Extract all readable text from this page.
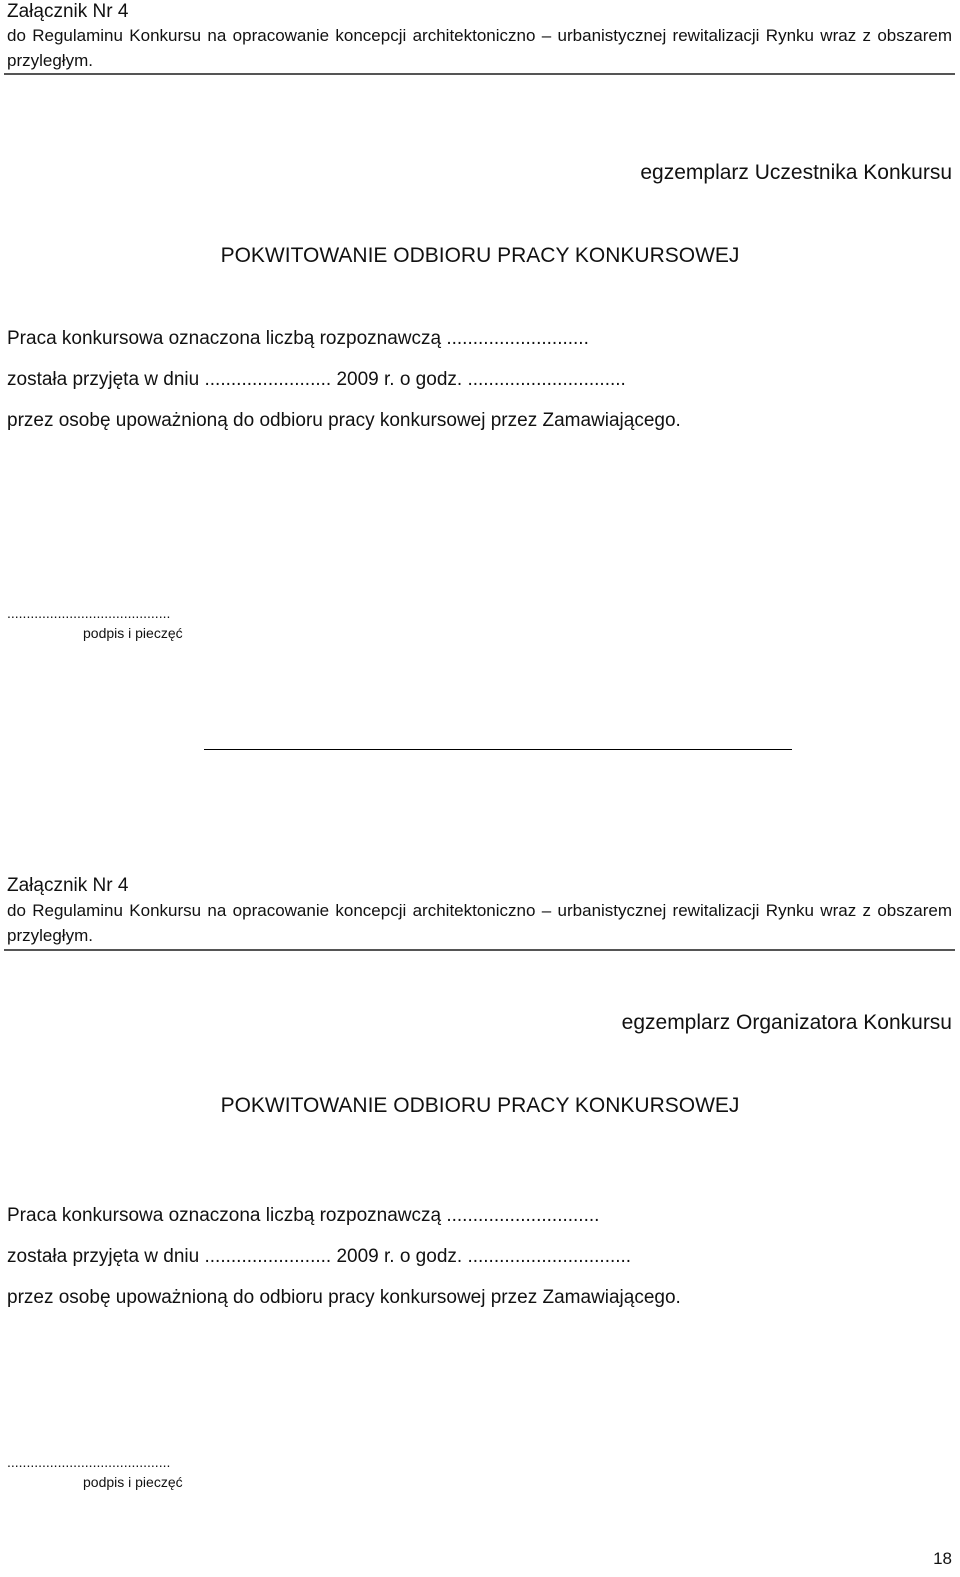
Załącznik Nr 4
do Regulaminu Konkursu na opracowanie koncepcji architektoniczno – urbanistycznej rewitalizacji Rynku wraz z obszarem przyległym.
egzemplarz Uczestnika Konkursu
POKWITOWANIE ODBIORU PRACY KONKURSOWEJ
Praca konkursowa oznaczona liczbą rozpoznawczą ...........................
została przyjęta w dniu ........................ 2009 r. o godz. ..............................
przez osobę upoważnioną do odbioru pracy konkursowej przez Zamawiającego.
..........................................
podpis i pieczęć
Załącznik Nr 4
do Regulaminu Konkursu na opracowanie koncepcji architektoniczno – urbanistycznej rewitalizacji Rynku wraz z obszarem przyległym.
egzemplarz Organizatora Konkursu
POKWITOWANIE ODBIORU PRACY KONKURSOWEJ
Praca konkursowa oznaczona liczbą rozpoznawczą .............................
została przyjęta w dniu ........................ 2009 r. o godz. ...............................
przez osobę upoważnioną do odbioru pracy konkursowej przez Zamawiającego.
..........................................
podpis i pieczęć
18
